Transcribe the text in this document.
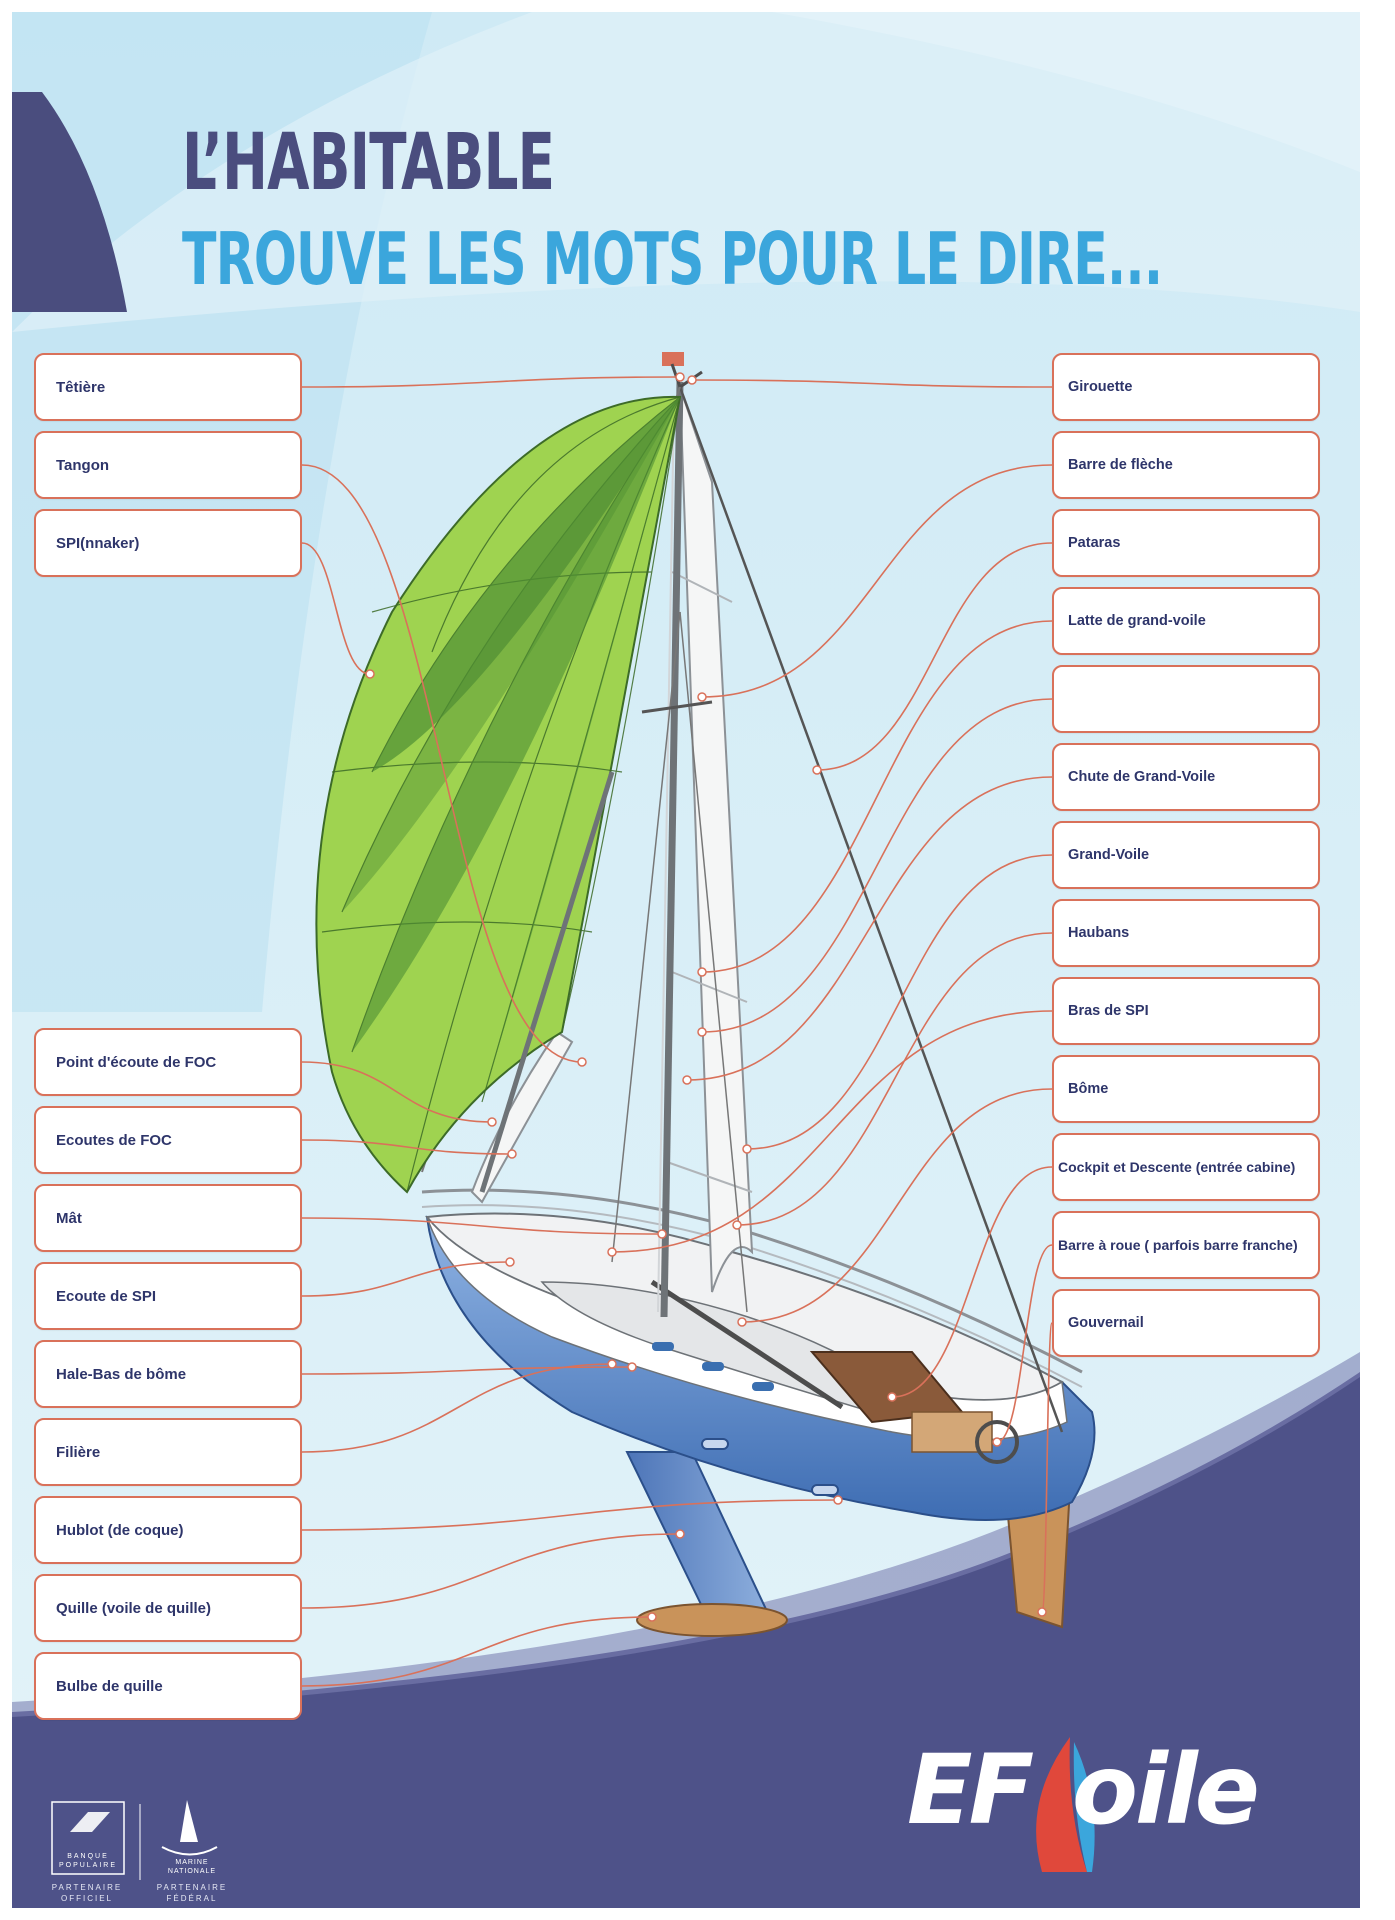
L’HABITABLE
TROUVE LES MOTS POUR LE DIRE...
Têtière
Tangon
SPI(nnaker)
Point d'écoute de FOC
Ecoutes de FOC
Mât
Ecoute de SPI
Hale-Bas de bôme
Filière
Hublot (de coque)
Quille (voile de quille)
Bulbe de quille
Girouette
Barre de flèche
Pataras
Latte de grand-voile
Chute de Grand-Voile
Grand-Voile
Haubans
Bras de SPI
Bôme
Cockpit et Descente (entrée cabine)
Barre à roue ( parfois barre franche)
Gouvernail
BANQUE POPULAIRE
PARTENAIRE OFFICIEL
MARINE NATIONALE
PARTENAIRE FÉDÉRAL
EF oile
